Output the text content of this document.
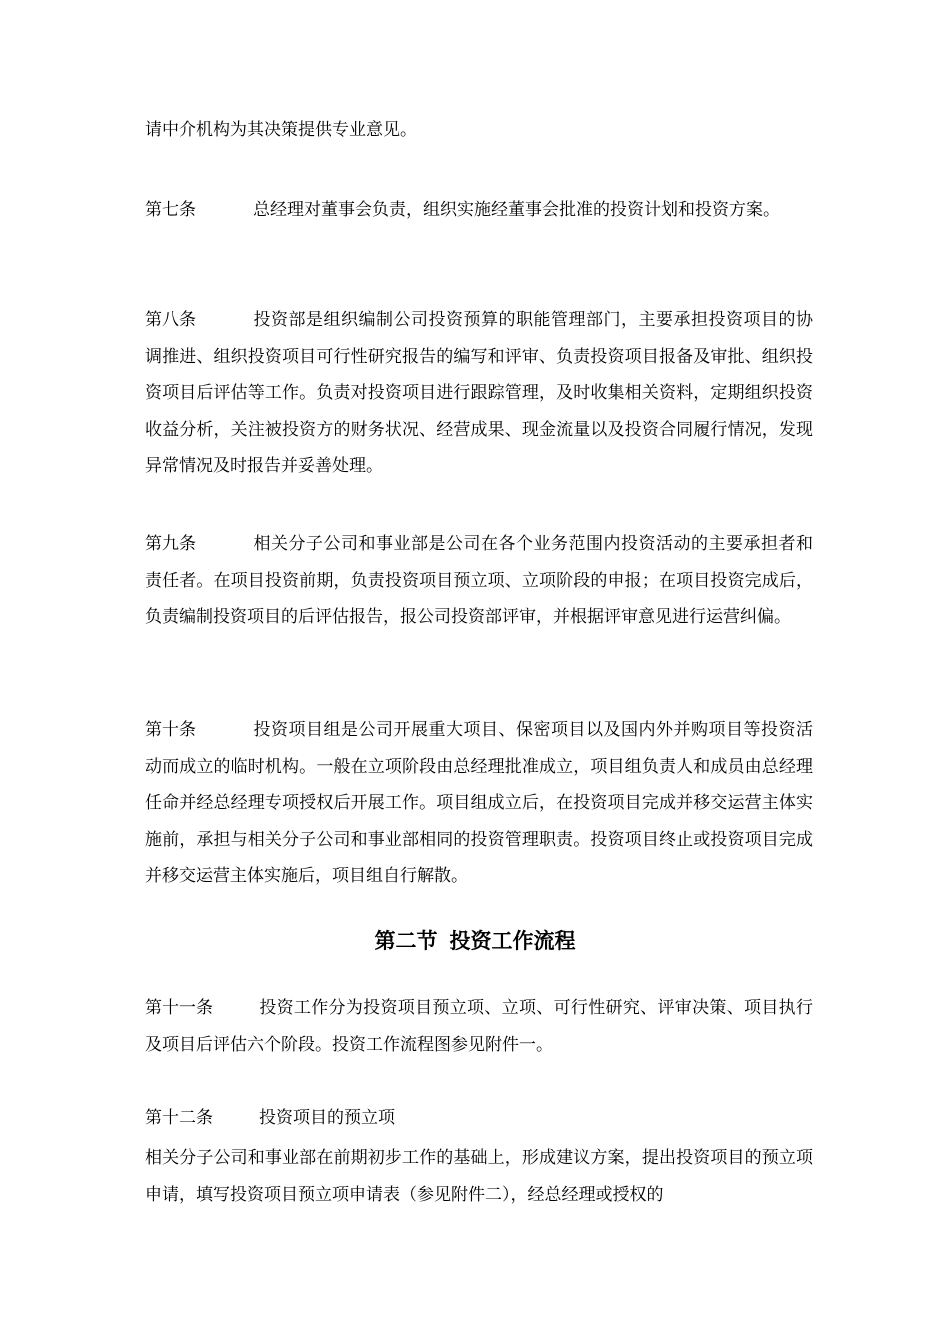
请中介机构为其决策提供专业意见。

第七条	总经理对董事会负责，组织实施经董事会批准的投资计划和投资方案。

第八条	投资部是组织编制公司投资预算的职能管理部门，主要承担投资项目的协调推进、组织投资项目可行性研究报告的编写和评审、负责投资项目报备及审批、组织投资项目后评估等工作。负责对投资项目进行跟踪管理，及时收集相关资料，定期组织投资收益分析，关注被投资方的财务状况、经营成果、现金流量以及投资合同履行情况，发现异常情况及时报告并妥善处理。

第九条	相关分子公司和事业部是公司在各个业务范围内投资活动的主要承担者和责任者。在项目投资前期，负责投资项目预立项、立项阶段的申报；在项目投资完成后，负责编制投资项目的后评估报告，报公司投资部评审，并根据评审意见进行运营纠偏。

第十条	投资项目组是公司开展重大项目、保密项目以及国内外并购项目等投资活动而成立的临时机构。一般在立项阶段由总经理批准成立，项目组负责人和成员由总经理任命并经总经理专项授权后开展工作。项目组成立后，在投资项目完成并移交运营主体实施前，承担与相关分子公司和事业部相同的投资管理职责。投资项目终止或投资项目完成并移交运营主体实施后，项目组自行解散。

第二节 投资工作流程

第十一条	投资工作分为投资项目预立项、立项、可行性研究、评审决策、项目执行及项目后评估六个阶段。投资工作流程图参见附件一。

第十二条	投资项目的预立项

相关分子公司和事业部在前期初步工作的基础上，形成建议方案，提出投资项目的预立项申请，填写投资项目预立项申请表（参见附件二），经总经理或授权的
